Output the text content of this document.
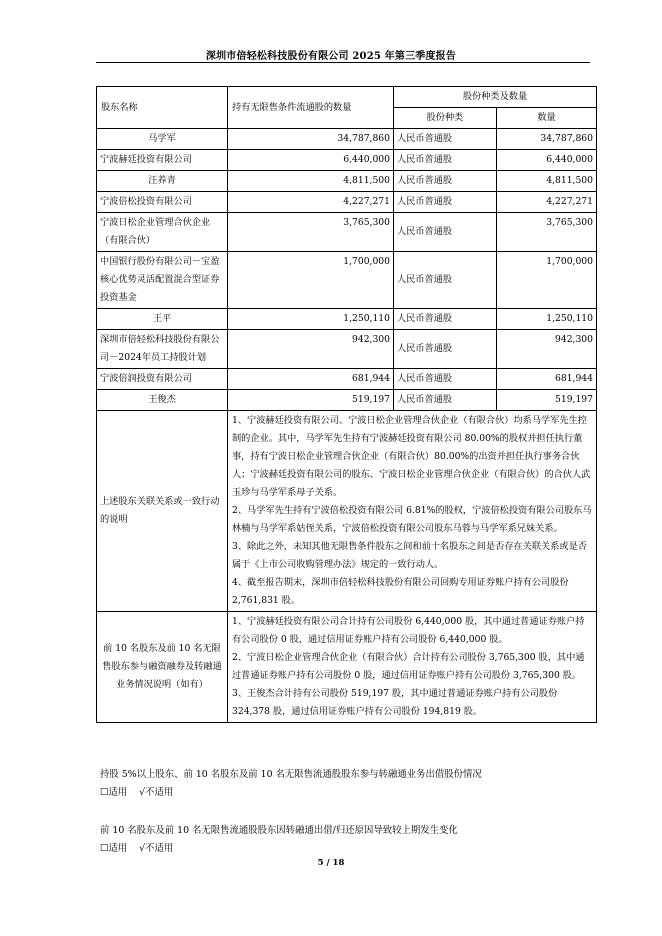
深圳市倍轻松科技股份有限公司 2025 年第三季度报告
股东名称	持有无限售条件流通股的数量	股份种类及数量	
		股份种类	数量
马学军	34,787,860	人民币普通股	34,787,860
宁波赫廷投资有限公司	6,440,000	人民币普通股	6,440,000
汪养青	4,811,500	人民币普通股	4,811,500
宁波倍松投资有限公司	4,227,271	人民币普通股	4,227,271
宁波日松企业管理合伙企业（有限合伙）	3,765,300	人民币普通股	3,765,300
中国银行股份有限公司－宝盈核心优势灵活配置混合型证券投资基金	1,700,000	人民币普通股	1,700,000
王平	1,250,110	人民币普通股	1,250,110
深圳市倍轻松科技股份有限公司－2024年员工持股计划	942,300	人民币普通股	942,300
宁波倍润投资有限公司	681,944	人民币普通股	681,944
王俊杰	519,197	人民币普通股	519,197
上述股东关联关系或一致行动的说明	1、宁波赫廷投资有限公司、宁波日松企业管理合伙企业（有限合伙）均系马学军先生控制的企业。其中，马学军先生持有宁波赫廷投资有限公司 80.00%的股权并担任执行董事，持有宁波日松企业管理合伙企业（有限合伙）80.00%的出资并担任执行事务合伙人；宁波赫廷投资有限公司的股东、宁波日松企业管理合伙企业（有限合伙）的合伙人武玉珍与马学军系母子关系。
2、马学军先生持有宁波倍松投资有限公司 6.81%的股权，宁波倍松投资有限公司股东马林楠与马学军系姑侄关系，宁波倍松投资有限公司股东马蓉与马学军系兄妹关系。
3、除此之外，未知其他无限售条件股东之间和前十名股东之间是否存在关联关系或是否属于《上市公司收购管理办法》规定的一致行动人。
4、截至报告期末，深圳市倍轻松科技股份有限公司回购专用证券账户持有公司股份 2,761,831 股。		

前 10 名股东及前 10 名无限售股东参与融资融券及转融通业务情况说明（如有）	1、宁波赫廷投资有限公司合计持有公司股份 6,440,000 股，其中通过普通证券账户持有公司股份 0 股，通过信用证券账户持有公司股份 6,440,000 股。
2、宁波日松企业管理合伙企业（有限合伙）合计持有公司股份 3,765,300 股，其中通过普通证券账户持有公司股份 0 股，通过信用证券账户持有公司股份 3,765,300 股。
3、王俊杰合计持有公司股份 519,197 股，其中通过普通证券账户持有公司股份 324,378 股，通过信用证券账户持有公司股份 194,819 股。		
持股 5%以上股东、前 10 名股东及前 10 名无限售流通股股东参与转融通业务出借股份情况
☐适用 √不适用
前 10 名股东及前 10 名无限售流通股股东因转融通出借/归还原因导致较上期发生变化
☐适用 √不适用
5 / 18
